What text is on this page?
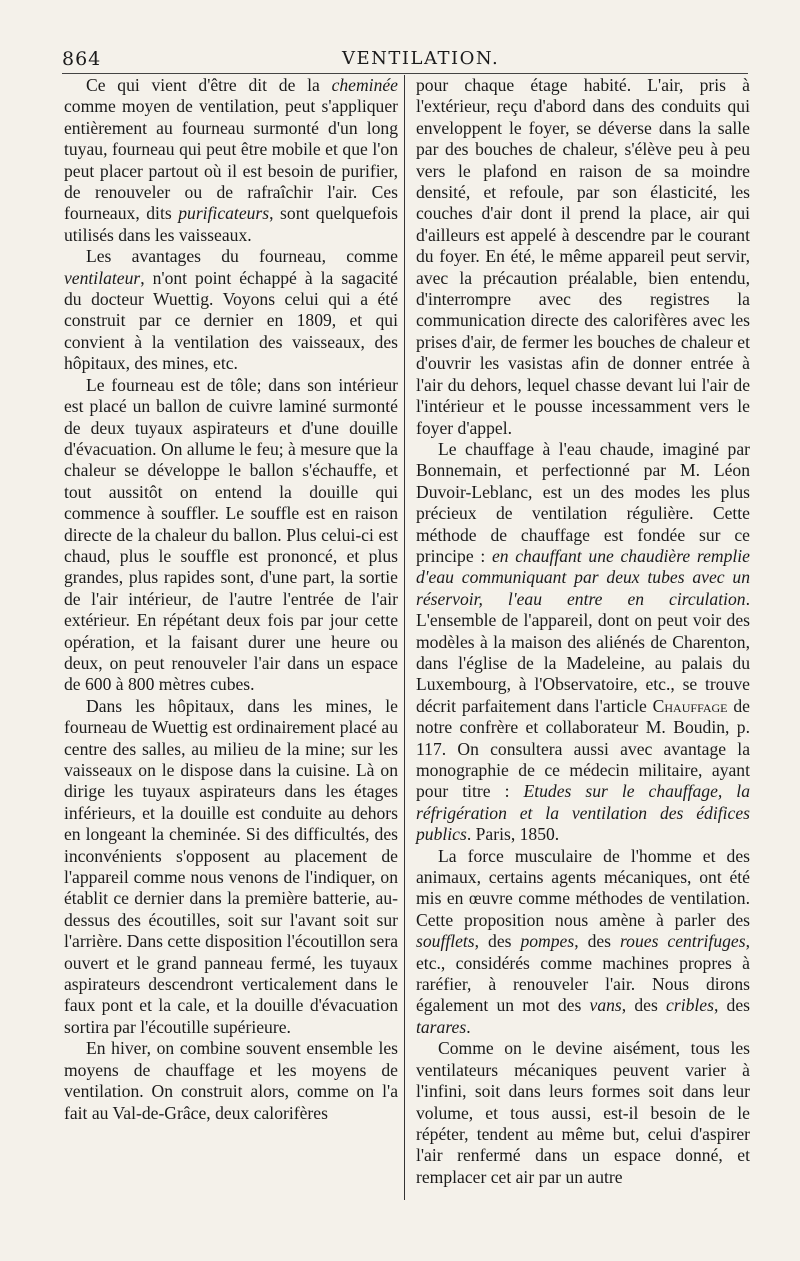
864	VENTILATION.

Ce qui vient d'être dit de la cheminée comme moyen de ventilation, peut s'appliquer entièrement au fourneau surmonté d'un long tuyau, fourneau qui peut être mobile et que l'on peut placer partout où il est besoin de purifier, de renouveler ou de rafraîchir l'air. Ces fourneaux, dits purificateurs, sont quelquefois utilisés dans les vaisseaux.

Les avantages du fourneau, comme ventilateur, n'ont point échappé à la sagacité du docteur Wuettig. Voyons celui qui a été construit par ce dernier en 1809, et qui convient à la ventilation des vaisseaux, des hôpitaux, des mines, etc.

Le fourneau est de tôle; dans son intérieur est placé un ballon de cuivre laminé surmonté de deux tuyaux aspirateurs et d'une douille d'évacuation. On allume le feu; à mesure que la chaleur se développe le ballon s'échauffe, et tout aussitôt on entend la douille qui commence à souffler. Le souffle est en raison directe de la chaleur du ballon. Plus celui-ci est chaud, plus le souffle est prononcé, et plus grandes, plus rapides sont, d'une part, la sortie de l'air intérieur, de l'autre l'entrée de l'air extérieur. En répétant deux fois par jour cette opération, et la faisant durer une heure ou deux, on peut renouveler l'air dans un espace de 600 à 800 mètres cubes.

Dans les hôpitaux, dans les mines, le fourneau de Wuettig est ordinairement placé au centre des salles, au milieu de la mine; sur les vaisseaux on le dispose dans la cuisine. Là on dirige les tuyaux aspirateurs dans les étages inférieurs, et la douille est conduite au dehors en longeant la cheminée. Si des difficultés, des inconvénients s'opposent au placement de l'appareil comme nous venons de l'indiquer, on établit ce dernier dans la première batterie, au-dessus des écoutilles, soit sur l'avant soit sur l'arrière. Dans cette disposition l'écoutillon sera ouvert et le grand panneau fermé, les tuyaux aspirateurs descendront verticalement dans le faux pont et la cale, et la douille d'évacuation sortira par l'écoutille supérieure.

En hiver, on combine souvent ensemble les moyens de chauffage et les moyens de ventilation. On construit alors, comme on l'a fait au Val-de-Grâce, deux calorifères

pour chaque étage habité. L'air, pris à l'extérieur, reçu d'abord dans des conduits qui enveloppent le foyer, se déverse dans la salle par des bouches de chaleur, s'élève peu à peu vers le plafond en raison de sa moindre densité, et refoule, par son élasticité, les couches d'air dont il prend la place, air qui d'ailleurs est appelé à descendre par le courant du foyer. En été, le même appareil peut servir, avec la précaution préalable, bien entendu, d'interrompre avec des registres la communication directe des calorifères avec les prises d'air, de fermer les bouches de chaleur et d'ouvrir les vasistas afin de donner entrée à l'air du dehors, lequel chasse devant lui l'air de l'intérieur et le pousse incessamment vers le foyer d'appel.

Le chauffage à l'eau chaude, imaginé par Bonnemain, et perfectionné par M. Léon Duvoir-Leblanc, est un des modes les plus précieux de ventilation régulière. Cette méthode de chauffage est fondée sur ce principe : en chauffant une chaudière remplie d'eau communiquant par deux tubes avec un réservoir, l'eau entre en circulation. L'ensemble de l'appareil, dont on peut voir des modèles à la maison des aliénés de Charenton, dans l'église de la Madeleine, au palais du Luxembourg, à l'Observatoire, etc., se trouve décrit parfaitement dans l'article Chauffage de notre confrère et collaborateur M. Boudin, p. 117. On consultera aussi avec avantage la monographie de ce médecin militaire, ayant pour titre : Etudes sur le chauffage, la réfrigération et la ventilation des édifices publics. Paris, 1850.

La force musculaire de l'homme et des animaux, certains agents mécaniques, ont été mis en œuvre comme méthodes de ventilation. Cette proposition nous amène à parler des soufflets, des pompes, des roues centrifuges, etc., considérés comme machines propres à raréfier, à renouveler l'air. Nous dirons également un mot des vans, des cribles, des tarares.

Comme on le devine aisément, tous les ventilateurs mécaniques peuvent varier à l'infini, soit dans leurs formes soit dans leur volume, et tous aussi, est-il besoin de le répéter, tendent au même but, celui d'aspirer l'air renfermé dans un espace donné, et remplacer cet air par un autre
